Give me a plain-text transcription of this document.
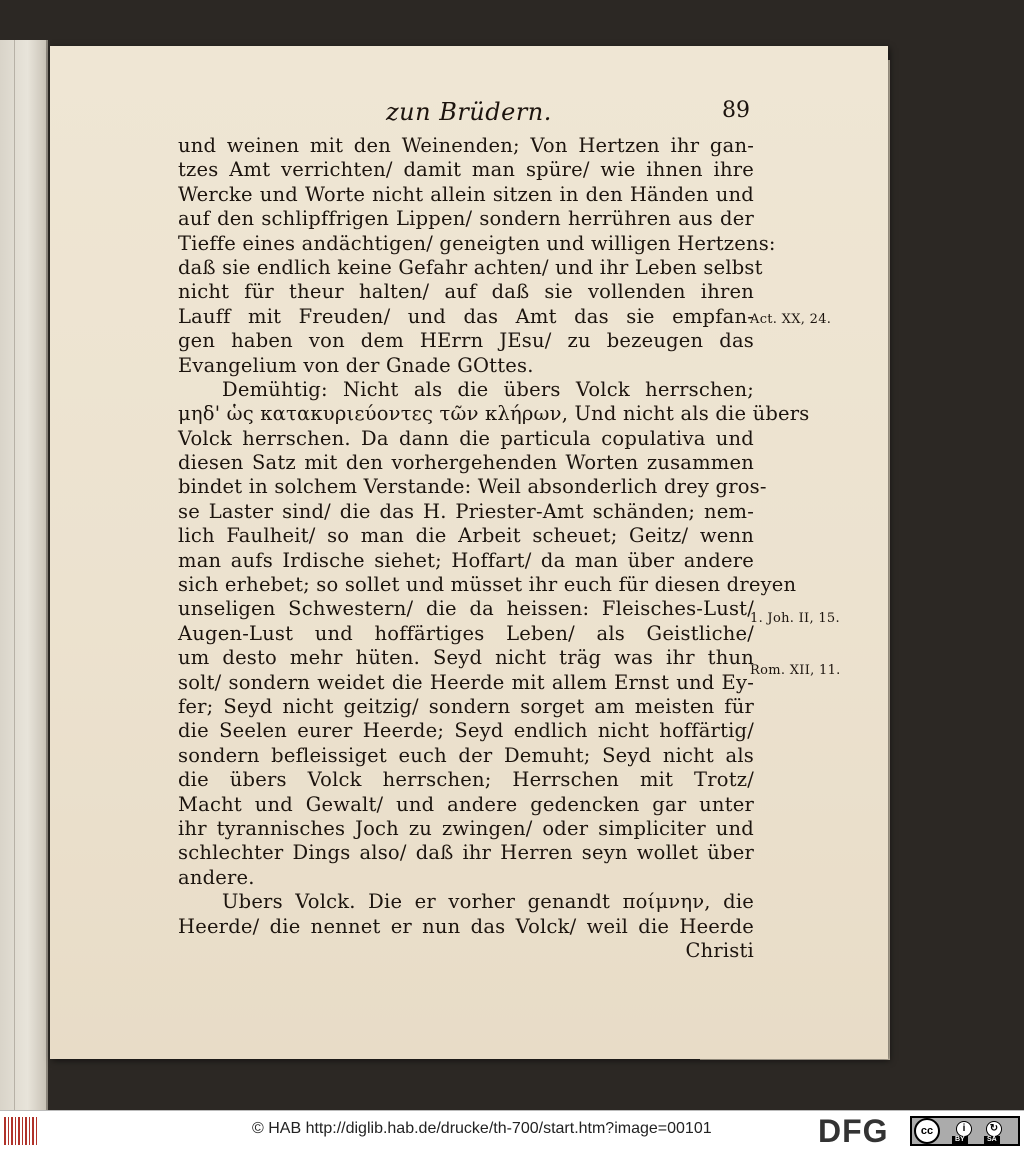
zun Brüdern.	89
und weinen mit den Weinenden; Von Hertzen ihr gan-
tzes Amt verrichten/ damit man spüre/ wie ihnen ihre
Wercke und Worte nicht allein sitzen in den Händen und
auf den schlipffrigen Lippen/ sondern herrühren aus der
Tieffe eines andächtigen/ geneigten und willigen Hertzens:
daß sie endlich keine Gefahr achten/ und ihr Leben selbst
nicht für theur halten/ auf daß sie vollenden ihren
Lauff mit Freuden/ und das Amt das sie empfan-
gen haben von dem HErrn JEsu/ zu bezeugen das
Evangelium von der Gnade GOttes.
Demühtig: Nicht als die übers Volck herrschen;
μηδ' ὡς κατακυριεύοντες τῶν κλήρων, Und nicht als die übers
Volck herrschen. Da dann die particula copulativa und
diesen Satz mit den vorhergehenden Worten zusammen
bindet in solchem Verstande: Weil absonderlich drey gros-
se Laster sind/ die das H. Priester-Amt schänden; nem-
lich Faulheit/ so man die Arbeit scheuet; Geitz/ wenn
man aufs Irdische siehet; Hoffart/ da man über andere
sich erhebet; so sollet und müsset ihr euch für diesen dreyen
unseligen Schwestern/ die da heissen: Fleisches-Lust/
Augen-Lust und hoffärtiges Leben/ als Geistliche/
um desto mehr hüten. Seyd nicht träg was ihr thun
solt/ sondern weidet die Heerde mit allem Ernst und Ey-
fer; Seyd nicht geitzig/ sondern sorget am meisten für
die Seelen eurer Heerde; Seyd endlich nicht hoffärtig/
sondern befleissiget euch der Demuht; Seyd nicht als
die übers Volck herrschen; Herrschen mit Trotz/
Macht und Gewalt/ und andere gedencken gar unter
ihr tyrannisches Joch zu zwingen/ oder simpliciter und
schlechter Dings also/ daß ihr Herren seyn wollet über
andere.
Ubers Volck. Die er vorher genandt ποίμνην, die
Heerde/ die nennet er nun das Volck/ weil die Heerde
Christi
Act. XX, 24.
1. Joh. II, 15.
Rom. XII, 11.
© HAB http://diglib.hab.de/drucke/th-700/start.htm?image=00101	DFG	cc	i	↻
BY	SA
